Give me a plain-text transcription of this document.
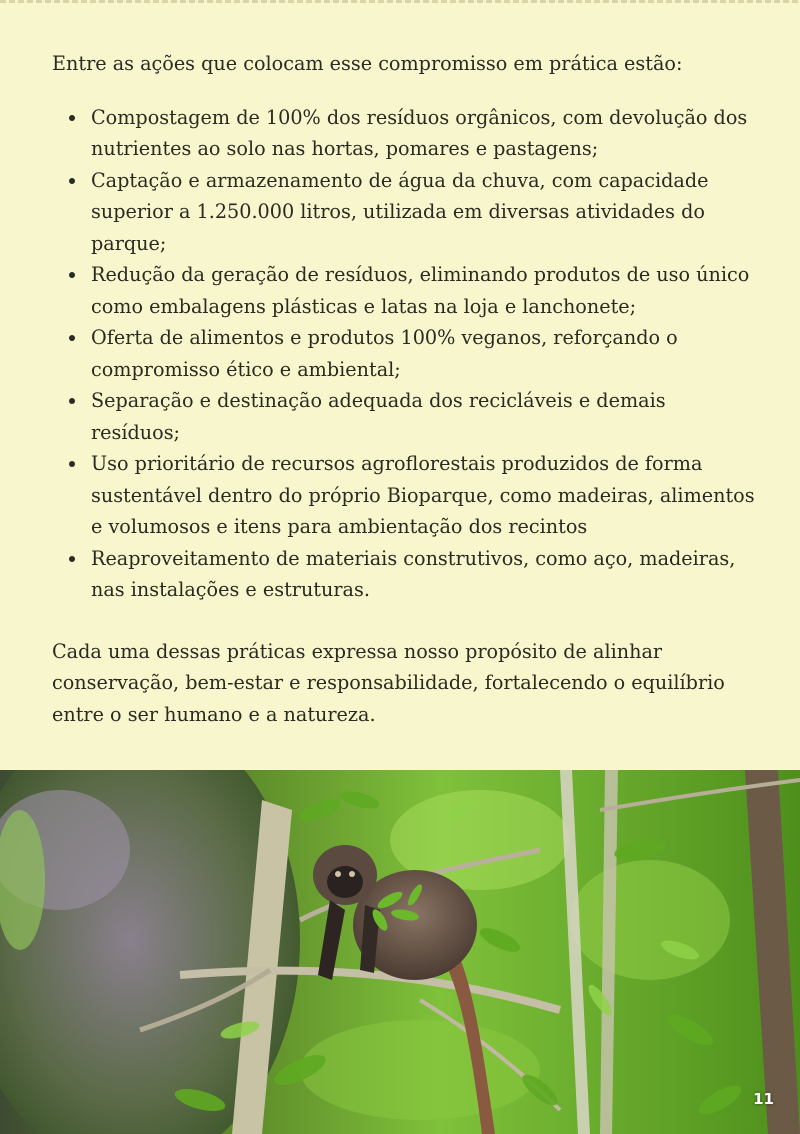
Entre as ações que colocam esse compromisso em prática estão:

Compostagem de 100% dos resíduos orgânicos, com devolução dos nutrientes ao solo nas hortas, pomares e pastagens;
Captação e armazenamento de água da chuva, com capacidade superior a 1.250.000 litros, utilizada em diversas atividades do parque;
Redução da geração de resíduos, eliminando produtos de uso único como embalagens plásticas e latas na loja e lanchonete;
Oferta de alimentos e produtos 100% veganos, reforçando o compromisso ético e ambiental;
Separação e destinação adequada dos recicláveis e demais resíduos;
Uso prioritário de recursos agroflorestais produzidos de forma sustentável dentro do próprio Bioparque, como madeiras, alimentos e volumosos e itens para ambientação dos recintos
Reaproveitamento de materiais construtivos, como aço, madeiras, nas instalações e estruturas.

Cada uma dessas práticas expressa nosso propósito de alinhar conservação, bem-estar e responsabilidade, fortalecendo o equilíbrio entre o ser humano e a natureza.

11
